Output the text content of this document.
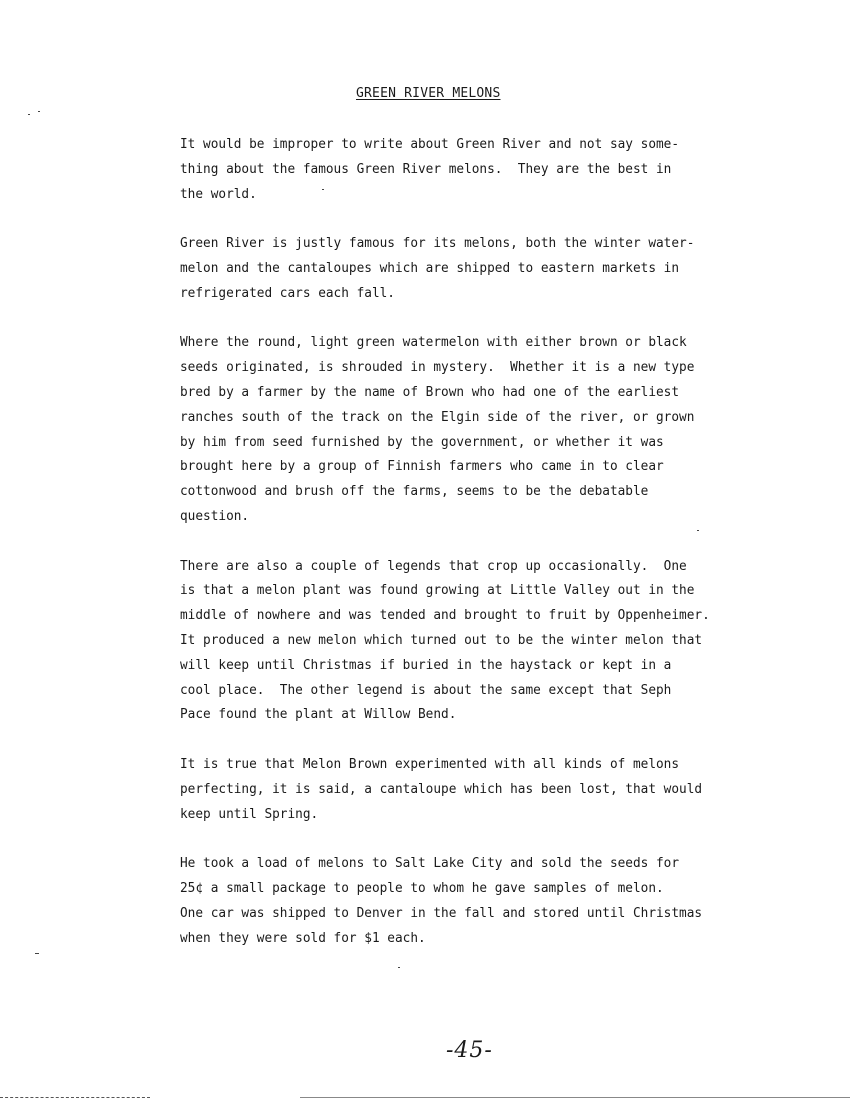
GREEN RIVER MELONS
It would be improper to write about Green River and not say some-
thing about the famous Green River melons.  They are the best in
the world.
Green River is justly famous for its melons, both the winter water-
melon and the cantaloupes which are shipped to eastern markets in
refrigerated cars each fall.
Where the round, light green watermelon with either brown or black
seeds originated, is shrouded in mystery.  Whether it is a new type
bred by a farmer by the name of Brown who had one of the earliest
ranches south of the track on the Elgin side of the river, or grown
by him from seed furnished by the government, or whether it was
brought here by a group of Finnish farmers who came in to clear
cottonwood and brush off the farms, seems to be the debatable
question.
There are also a couple of legends that crop up occasionally.  One
is that a melon plant was found growing at Little Valley out in the
middle of nowhere and was tended and brought to fruit by Oppenheimer.
It produced a new melon which turned out to be the winter melon that
will keep until Christmas if buried in the haystack or kept in a
cool place.  The other legend is about the same except that Seph
Pace found the plant at Willow Bend.
It is true that Melon Brown experimented with all kinds of melons
perfecting, it is said, a cantaloupe which has been lost, that would
keep until Spring.
He took a load of melons to Salt Lake City and sold the seeds for
25¢ a small package to people to whom he gave samples of melon.
One car was shipped to Denver in the fall and stored until Christmas
when they were sold for $1 each.
-45-
